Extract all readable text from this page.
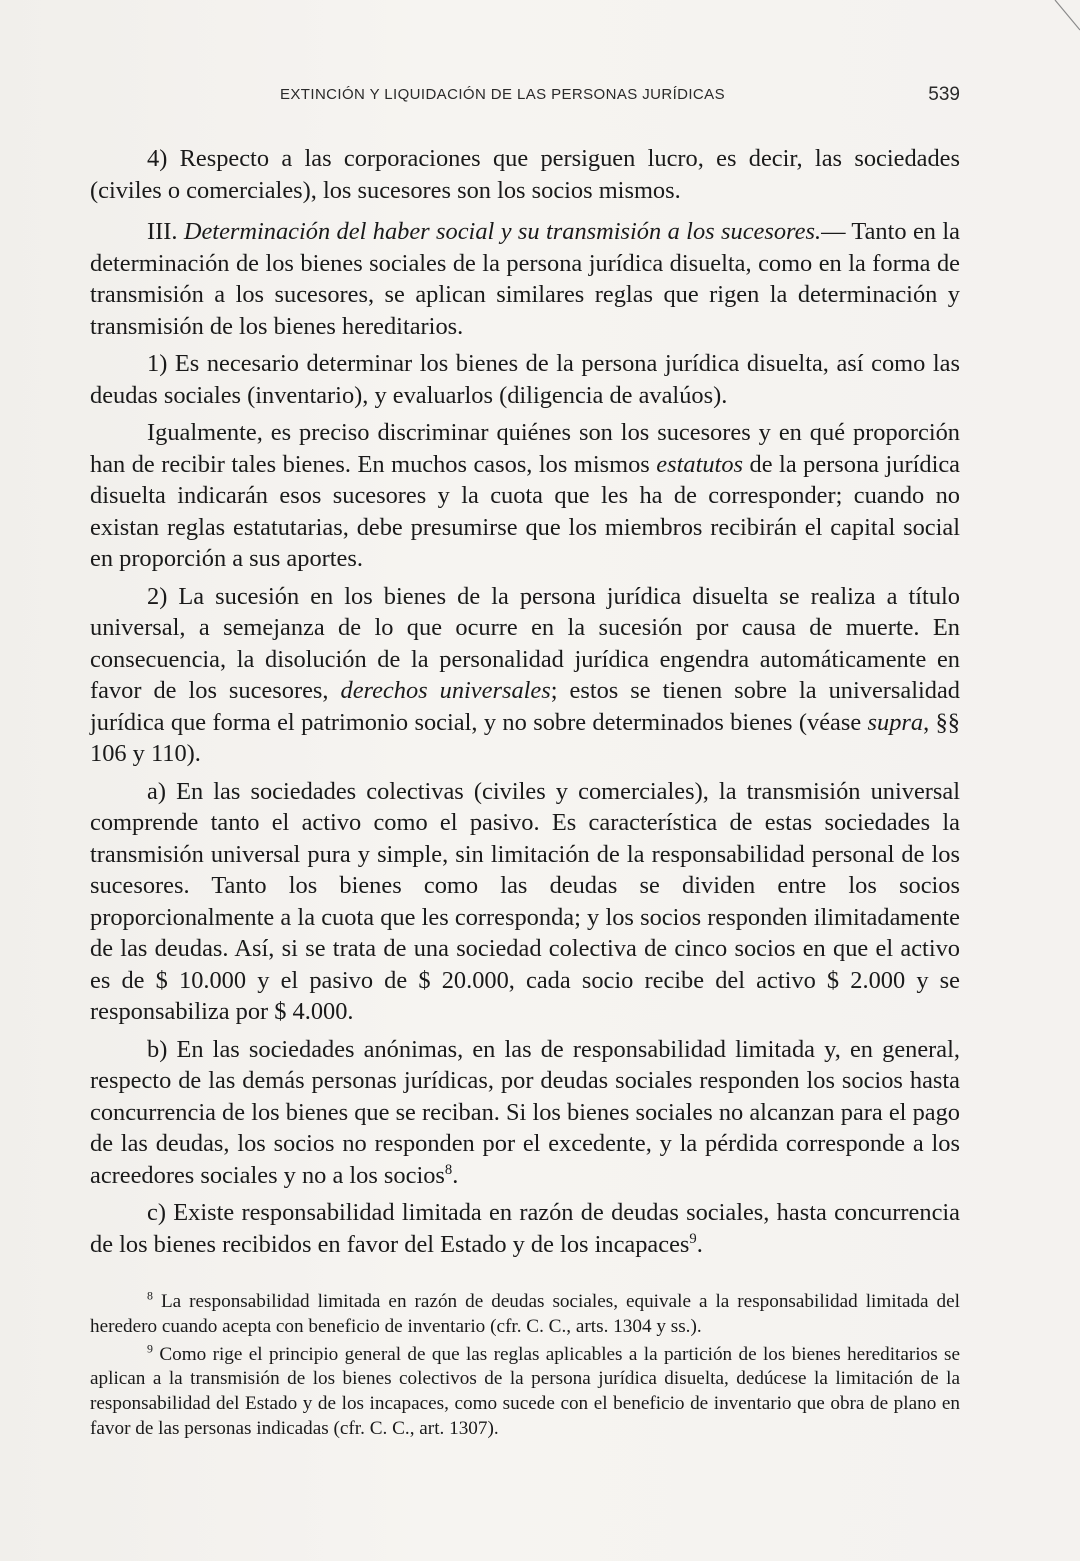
EXTINCIÓN Y LIQUIDACIÓN DE LAS PERSONAS JURÍDICAS	539

4) Respecto a las corporaciones que persiguen lucro, es decir, las sociedades (civiles o comerciales), los sucesores son los socios mismos.

III. Determinación del haber social y su transmisión a los sucesores.— Tanto en la determinación de los bienes sociales de la persona jurídica disuelta, como en la forma de transmisión a los sucesores, se aplican similares reglas que rigen la determinación y transmisión de los bienes hereditarios.

1) Es necesario determinar los bienes de la persona jurídica disuelta, así como las deudas sociales (inventario), y evaluarlos (diligencia de avalúos).

Igualmente, es preciso discriminar quiénes son los sucesores y en qué proporción han de recibir tales bienes. En muchos casos, los mismos estatutos de la persona jurídica disuelta indicarán esos sucesores y la cuota que les ha de corresponder; cuando no existan reglas estatutarias, debe presumirse que los miembros recibirán el capital social en proporción a sus aportes.

2) La sucesión en los bienes de la persona jurídica disuelta se realiza a título universal, a semejanza de lo que ocurre en la sucesión por causa de muerte. En consecuencia, la disolución de la personalidad jurídica engendra automáticamente en favor de los sucesores, derechos universales; estos se tienen sobre la universalidad jurídica que forma el patrimonio social, y no sobre determinados bienes (véase supra, §§ 106 y 110).

a) En las sociedades colectivas (civiles y comerciales), la transmisión universal comprende tanto el activo como el pasivo. Es característica de estas sociedades la transmisión universal pura y simple, sin limitación de la responsabilidad personal de los sucesores. Tanto los bienes como las deudas se dividen entre los socios proporcionalmente a la cuota que les corresponda; y los socios responden ilimitadamente de las deudas. Así, si se trata de una sociedad colectiva de cinco socios en que el activo es de $ 10.000 y el pasivo de $ 20.000, cada socio recibe del activo $ 2.000 y se responsabiliza por $ 4.000.

b) En las sociedades anónimas, en las de responsabilidad limitada y, en general, respecto de las demás personas jurídicas, por deudas sociales responden los socios hasta concurrencia de los bienes que se reciban. Si los bienes sociales no alcanzan para el pago de las deudas, los socios no responden por el excedente, y la pérdida corresponde a los acreedores sociales y no a los socios$^8$.

c) Existe responsabilidad limitada en razón de deudas sociales, hasta concurrencia de los bienes recibidos en favor del Estado y de los incapaces$^9$.

$^8$ La responsabilidad limitada en razón de deudas sociales, equivale a la responsabilidad limitada del heredero cuando acepta con beneficio de inventario (cfr. C. C., arts. 1304 y ss.).

$^9$ Como rige el principio general de que las reglas aplicables a la partición de los bienes hereditarios se aplican a la transmisión de los bienes colectivos de la persona jurídica disuelta, dedúcese la limitación de la responsabilidad del Estado y de los incapaces, como sucede con el beneficio de inventario que obra de plano en favor de las personas indicadas (cfr. C. C., art. 1307).
